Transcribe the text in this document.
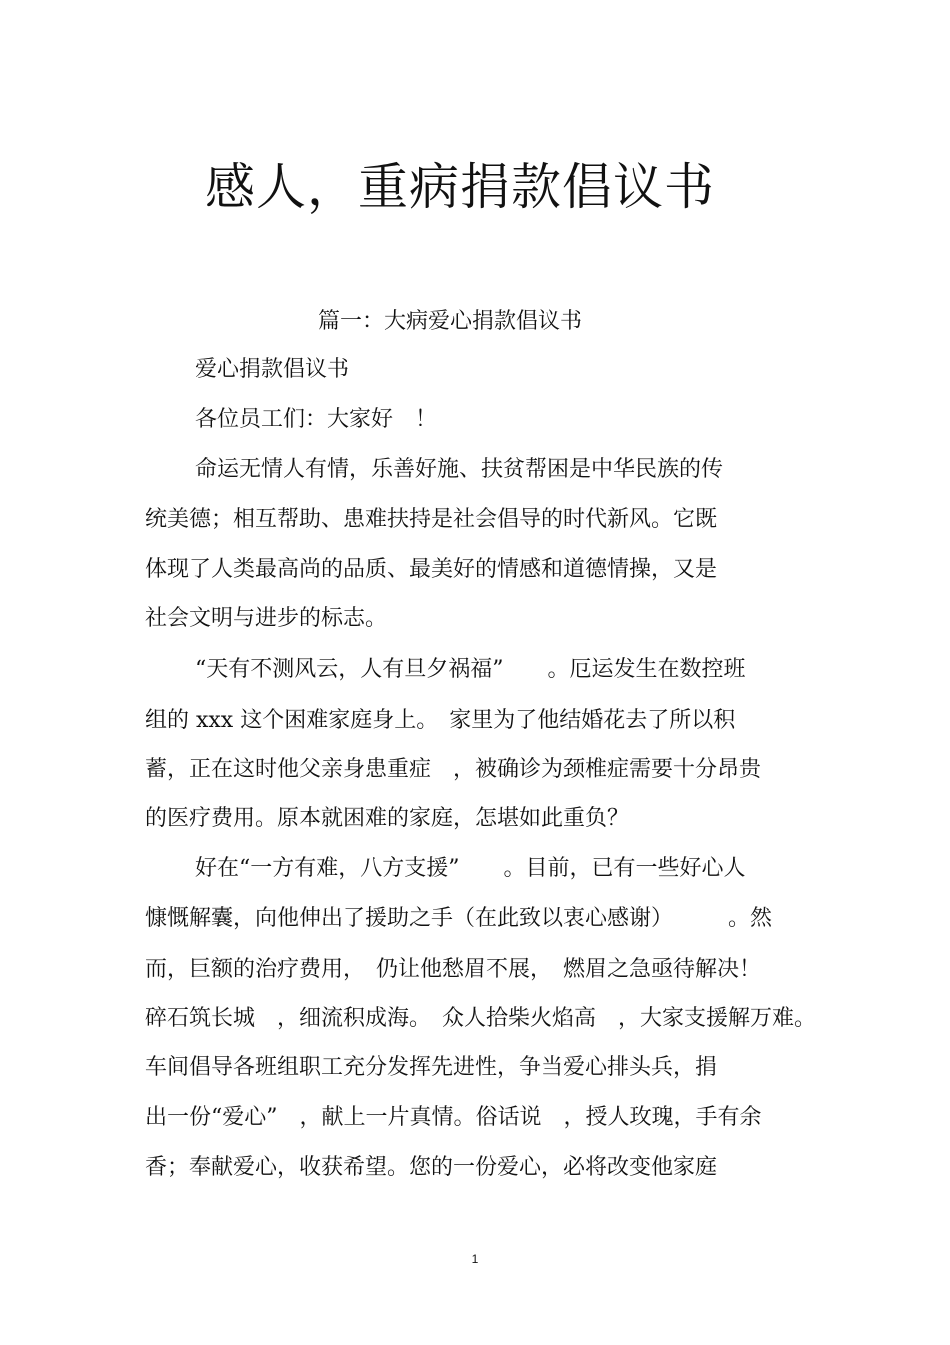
感人，重病捐款倡议书
篇一：大病爱心捐款倡议书
爱心捐款倡议书
各位员工们：大家好　！
命运无情人有情，乐善好施、扶贫帮困是中华民族的传
统美德；相互帮助、患难扶持是社会倡导的时代新风。它既
体现了人类最高尚的品质、最美好的情感和道德情操，又是
社会文明与进步的标志。
“天有不测风云，人有旦夕祸福”　　。厄运发生在数控班
组的 xxx 这个困难家庭身上。　家里为了他结婚花去了所以积
蓄，正在这时他父亲身患重症　，被确诊为颈椎症需要十分昂贵
的医疗费用。原本就困难的家庭，怎堪如此重负？
好在“一方有难，八方支援”　　。目前，已有一些好心人
慷慨解囊，向他伸出了援助之手（在此致以衷心感谢）　　　。然
而，巨额的治疗费用，　仍让他愁眉不展，　燃眉之急亟待解决！
碎石筑长城　，细流积成海。　众人拾柴火焰高　，大家支援解万难。
车间倡导各班组职工充分发挥先进性，争当爱心排头兵，捐
出一份“爱心”　，献上一片真情。俗话说　，授人玫瑰，手有余
香；奉献爱心，收获希望。您的一份爱心，必将改变他家庭
1
